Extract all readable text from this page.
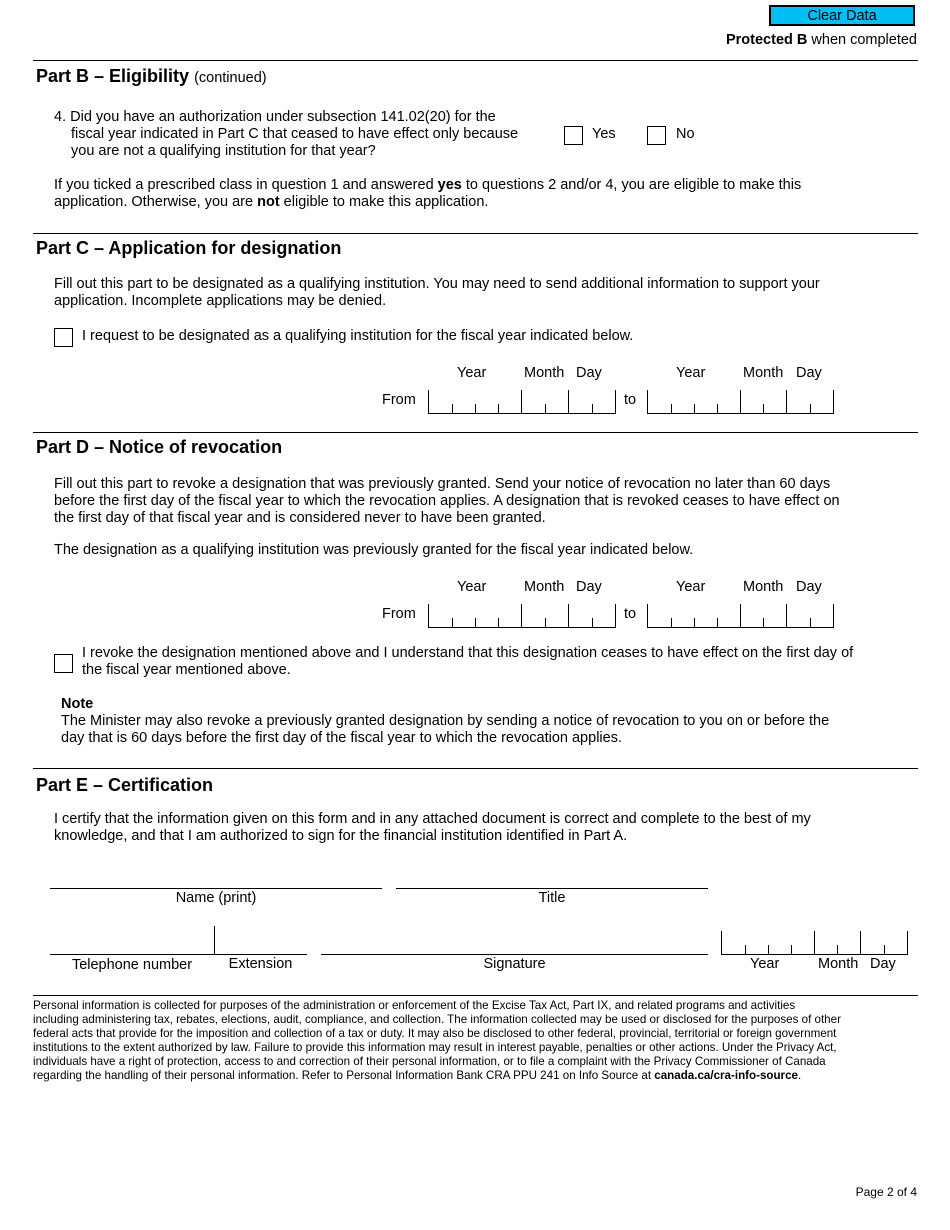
Clear Data
Protected B when completed
Part B – Eligibility (continued)
4. Did you have an authorization under subsection 141.02(20) for the
fiscal year indicated in Part C that ceased to have effect only because
you are not a qualifying institution for that year?
Yes	No
If you ticked a prescribed class in question 1 and answered yes to questions 2 and/or 4, you are eligible to make this
application. Otherwise, you are not eligible to make this application.
Part C – Application for designation
Fill out this part to be designated as a qualifying institution. You may need to send additional information to support your
application. Incomplete applications may be denied.
I request to be designated as a qualifying institution for the fiscal year indicated below.
Year	Month Day	Year	Month Day
From	to
Part D – Notice of revocation
Fill out this part to revoke a designation that was previously granted. Send your notice of revocation no later than 60 days
before the first day of the fiscal year to which the revocation applies. A designation that is revoked ceases to have effect on
the first day of that fiscal year and is considered never to have been granted.
The designation as a qualifying institution was previously granted for the fiscal year indicated below.
Year	Month Day	Year	Month Day
From	to
I revoke the designation mentioned above and I understand that this designation ceases to have effect on the first day of
the fiscal year mentioned above.
Note
The Minister may also revoke a previously granted designation by sending a notice of revocation to you on or before the
day that is 60 days before the first day of the fiscal year to which the revocation applies.
Part E – Certification
I certify that the information given on this form and in any attached document is correct and complete to the best of my
knowledge, and that I am authorized to sign for the financial institution identified in Part A.
Name (print)	Title
Telephone number	Extension	Signature	Year	Month Day
Personal information is collected for purposes of the administration or enforcement of the Excise Tax Act, Part IX, and related programs and activities
including administering tax, rebates, elections, audit, compliance, and collection. The information collected may be used or disclosed for the purposes of other
federal acts that provide for the imposition and collection of a tax or duty. It may also be disclosed to other federal, provincial, territorial or foreign government
institutions to the extent authorized by law. Failure to provide this information may result in interest payable, penalties or other actions. Under the Privacy Act,
individuals have a right of protection, access to and correction of their personal information, or to file a complaint with the Privacy Commissioner of Canada
regarding the handling of their personal information. Refer to Personal Information Bank CRA PPU 241 on Info Source at canada.ca/cra-info-source.
Page 2 of 4
